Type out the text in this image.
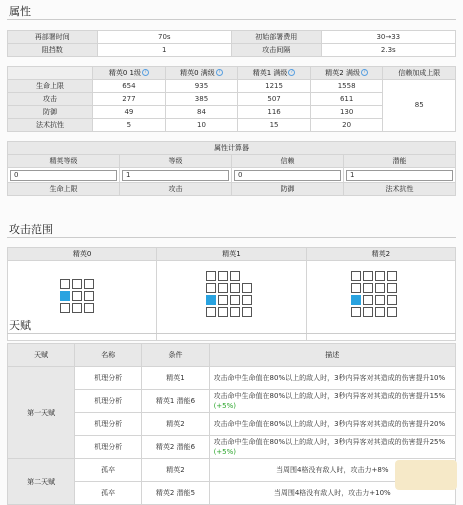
属性
再部署时间	70s	初始部署费用	30→33
阻挡数	1	攻击间隔	2.3s
	精英0 1级 ?	精英0 满级 ?	精英1 满级 ?	精英2 满级 ?	信赖加成上限
生命上限	654	935	1215	1558	85
攻击	277	385	507	611	
防御	49	84	116	130	
法术抗性	5	10	15	20	
属性计算器			
精英等级	等级	信赖	潜能

0	1	0	1

生命上限	攻击	防御	法术抗性
攻击范围
精英0	精英1	精英2

天赋
天赋	名称	条件	描述
第一天赋	机理分析	精英1	攻击命中生命值在80%以上的敌人时，3秒内异客对其造成的伤害提升10%
	机理分析	精英1 潜能6	攻击命中生命值在80%以上的敌人时，3秒内异客对其造成的伤害提升15%(+5%)
	机理分析	精英2	攻击命中生命值在80%以上的敌人时，3秒内异客对其造成的伤害提升20%
	机理分析	精英2 潜能6	攻击命中生命值在80%以上的敌人时，3秒内异客对其造成的伤害提升25%(+5%)
第二天赋	孤卒	精英2	当周围4格没有敌人时，攻击力+8%
	孤卒	精英2 潜能5	当周围4格没有敌人时，攻击力+10%
